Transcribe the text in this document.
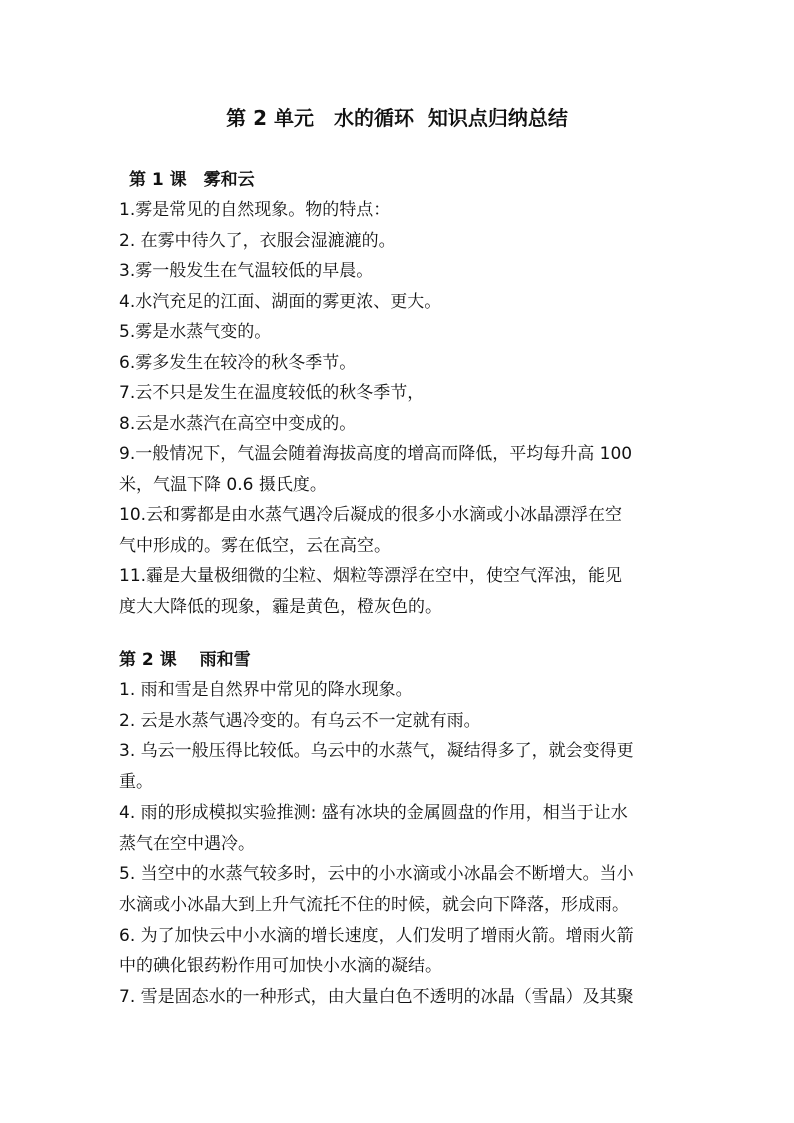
第 2 单元　水的循环  知识点归纳总结
第 1 课　雾和云
1.雾是常见的自然现象。物的特点：
2. 在雾中待久了，衣服会湿漉漉的。
3.雾一般发生在气温较低的早晨。
4.水汽充足的江面、湖面的雾更浓、更大。
5.雾是水蒸气变的。
6.雾多发生在较冷的秋冬季节。
7.云不只是发生在温度较低的秋冬季节，
8.云是水蒸汽在高空中变成的。
9.一般情况下，气温会随着海拔高度的增高而降低，平均每升高 100
米，气温下降 0.6 摄氏度。
10.云和雾都是由水蒸气遇冷后凝成的很多小水滴或小冰晶漂浮在空
气中形成的。雾在低空，云在高空。
11.霾是大量极细微的尘粒、烟粒等漂浮在空中，使空气浑浊，能见
度大大降低的现象，霾是黄色，橙灰色的。
第 2 课　 雨和雪
1. 雨和雪是自然界中常见的降水现象。
2. 云是水蒸气遇冷变的。有乌云不一定就有雨。
3. 乌云一般压得比较低。乌云中的水蒸气，凝结得多了，就会变得更
重。
4. 雨的形成模拟实验推测: 盛有冰块的金属圆盘的作用，相当于让水
蒸气在空中遇冷。
5. 当空中的水蒸气较多时，云中的小水滴或小冰晶会不断增大。当小
水滴或小冰晶大到上升气流托不住的时候，就会向下降落，形成雨。
6. 为了加快云中小水滴的增长速度，人们发明了增雨火箭。增雨火箭
中的碘化银药粉作用可加快小水滴的凝结。
7. 雪是固态水的一种形式，由大量白色不透明的冰晶（雪晶）及其聚
